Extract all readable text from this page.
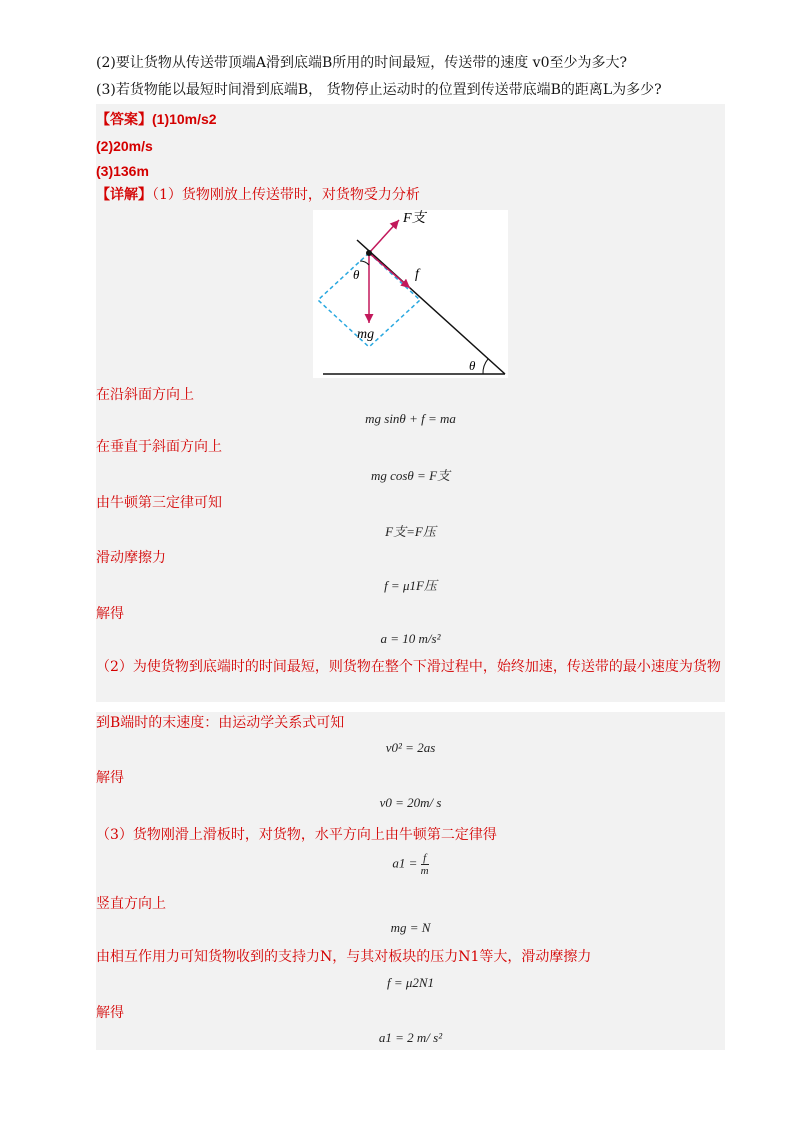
(2)要让货物从传送带顶端A滑到底端B所用的时间最短，传送带的速度 v0至少为多大?
(3)若货物能以最短时间滑到底端B， 货物停止运动时的位置到传送带底端B的距离L为多少?
【答案】(1)10m/s2
(2)20m/s
(3)136m
【详解】（1）货物刚放上传送带时，对货物受力分析
F支
f
mg
θ
θ
在沿斜面方向上
mg sinθ + f = ma
在垂直于斜面方向上
mg cosθ = F支
由牛顿第三定律可知
F支=F压
滑动摩擦力
f = μ1F压
解得
a = 10 m/s²
（2）为使货物到底端时的时间最短，则货物在整个下滑过程中，始终加速，传送带的最小速度为货物
到B端时的末速度：由运动学关系式可知
v0² = 2as
解得
v0 = 20m/ s
（3）货物刚滑上滑板时，对货物，水平方向上由牛顿第二定律得
$a1 = \frac{f}{m}$
竖直方向上
mg = N
由相互作用力可知货物收到的支持力N，与其对板块的压力N1等大，滑动摩擦力
f = μ2N1
解得
a1 = 2 m/ s²
